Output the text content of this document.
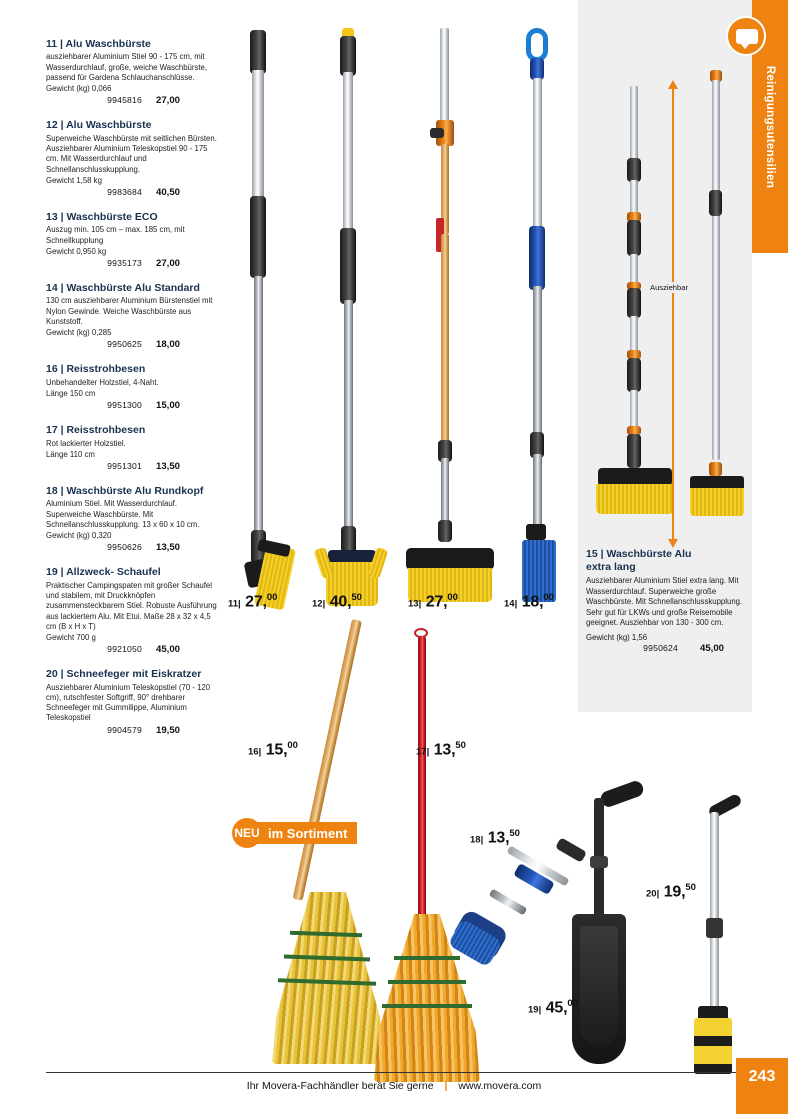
Ausziehbar
11| 27,00
12| 40,50
13| 27,00
14| 18,00
16| 15,00
17| 13,50
18| 13,50
19| 45,00
20| 19,50
im Sortiment
NEU
11 | Alu Waschbürste
ausziehbarer Aluminium Stiel 90 - 175 cm, mit Wasserdurchlauf, große, weiche Waschbürste, passend für Gardena Schlauchanschlüsse.
Gewicht (kg) 0,066
9945816	27,00
12 | Alu Waschbürste
Superweiche Waschbürste mit seitlichen Bürsten. Ausziehbarer Aluminium Teleskopstiel 90 - 175 cm. Mit Wasserdurchlauf und Schnellanschlusskupplung.
Gewicht 1,58 kg
9983684	40,50
13 | Waschbürste ECO
Auszug min. 105 cm – max. 185 cm, mit Schnellkupplung
Gewicht 0,950 kg
9935173	27,00
14 | Waschbürste Alu Standard
130 cm ausziehbarer Aluminium Bürstenstiel mit Nylon Gewinde. Weiche Waschbürste aus Kunststoff.
Gewicht (kg) 0,285
9950625	18,00
16 | Reisstrohbesen
Unbehandelter Holzstiel, 4-Naht.
Länge 150 cm
9951300	15,00
17 | Reisstrohbesen
Rot lackierter Holzstiel.
Länge 110 cm
9951301	13,50
18 | Waschbürste Alu Rundkopf
Aluminium Stiel. Mit Wasserdurchlauf. Superweiche Waschbürste. Mit Schnellanschlusskupplung. 13 x 60 x 10 cm.
Gewicht (kg) 0,320
9950626	13,50
19 | Allzweck- Schaufel
Praktischer Campingspaten mit großer Schaufel und stabilem, mit Druckknöpfen zusammensteckbarem Stiel. Robuste Ausführung aus lackiertem Alu. Mit Etui. Maße 28 x 32 x 4,5 cm (B x H x T)
Gewicht 700 g
9921050	45,00
20 | Schneefeger mit Eiskratzer
Ausziehbarer Aluminium Teleskopstiel (70 - 120 cm), rutschfester Softgriff, 90° drehbarer Schneefeger mit Gummilippe, Aluminium Teleskopstiel
9904579	19,50
15 | Waschbürste Alu
extra lang
Ausziehbarer Aluminium Stiel extra lang. Mit Wasserdurchlauf. Superweiche große Waschbürste. Mit Schnellanschlusskupplung. Sehr gut für LKWs und große Reisemobile geeignet. Ausziehbar von 130 - 300 cm.
Gewicht (kg) 1,56
9950624	45,00
Reinigungsutensilien
Ihr Movera-Fachhändler berät Sie gerne | www.movera.com
243
